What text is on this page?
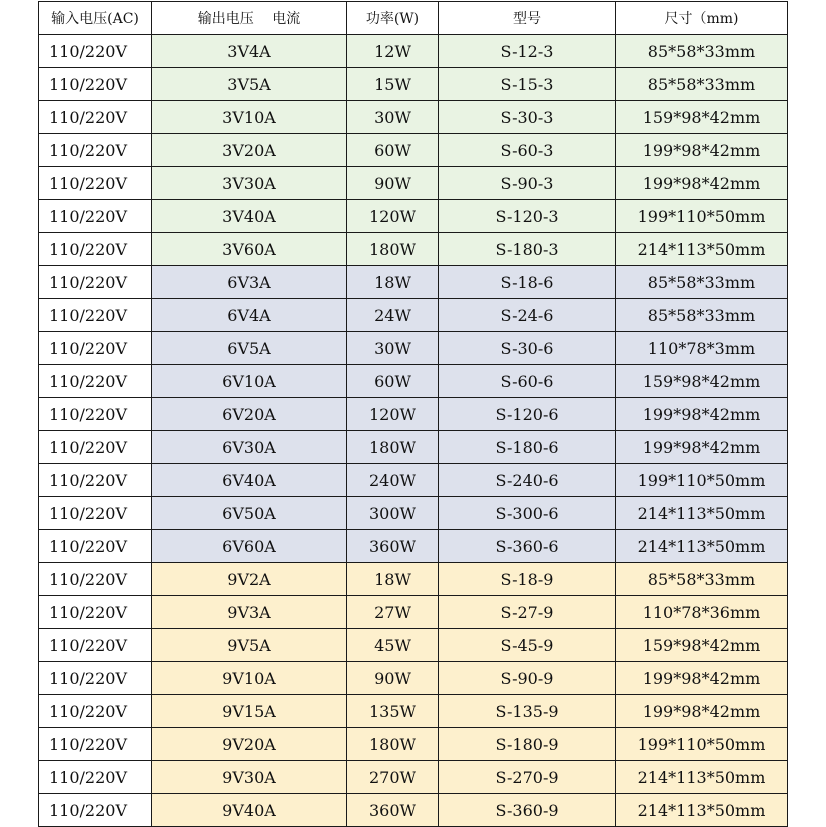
输入电压(AC)	输出电压　 电流	功率(W)	型号	尺寸（mm)
110/220V	3V4A	12W	S-12-3	85*58*33mm
110/220V	3V5A	15W	S-15-3	85*58*33mm
110/220V	3V10A	30W	S-30-3	159*98*42mm
110/220V	3V20A	60W	S-60-3	199*98*42mm
110/220V	3V30A	90W	S-90-3	199*98*42mm
110/220V	3V40A	120W	S-120-3	199*110*50mm
110/220V	3V60A	180W	S-180-3	214*113*50mm
110/220V	6V3A	18W	S-18-6	85*58*33mm
110/220V	6V4A	24W	S-24-6	85*58*33mm
110/220V	6V5A	30W	S-30-6	110*78*3mm
110/220V	6V10A	60W	S-60-6	159*98*42mm
110/220V	6V20A	120W	S-120-6	199*98*42mm
110/220V	6V30A	180W	S-180-6	199*98*42mm
110/220V	6V40A	240W	S-240-6	199*110*50mm
110/220V	6V50A	300W	S-300-6	214*113*50mm
110/220V	6V60A	360W	S-360-6	214*113*50mm
110/220V	9V2A	18W	S-18-9	85*58*33mm
110/220V	9V3A	27W	S-27-9	110*78*36mm
110/220V	9V5A	45W	S-45-9	159*98*42mm
110/220V	9V10A	90W	S-90-9	199*98*42mm
110/220V	9V15A	135W	S-135-9	199*98*42mm
110/220V	9V20A	180W	S-180-9	199*110*50mm
110/220V	9V30A	270W	S-270-9	214*113*50mm
110/220V	9V40A	360W	S-360-9	214*113*50mm
